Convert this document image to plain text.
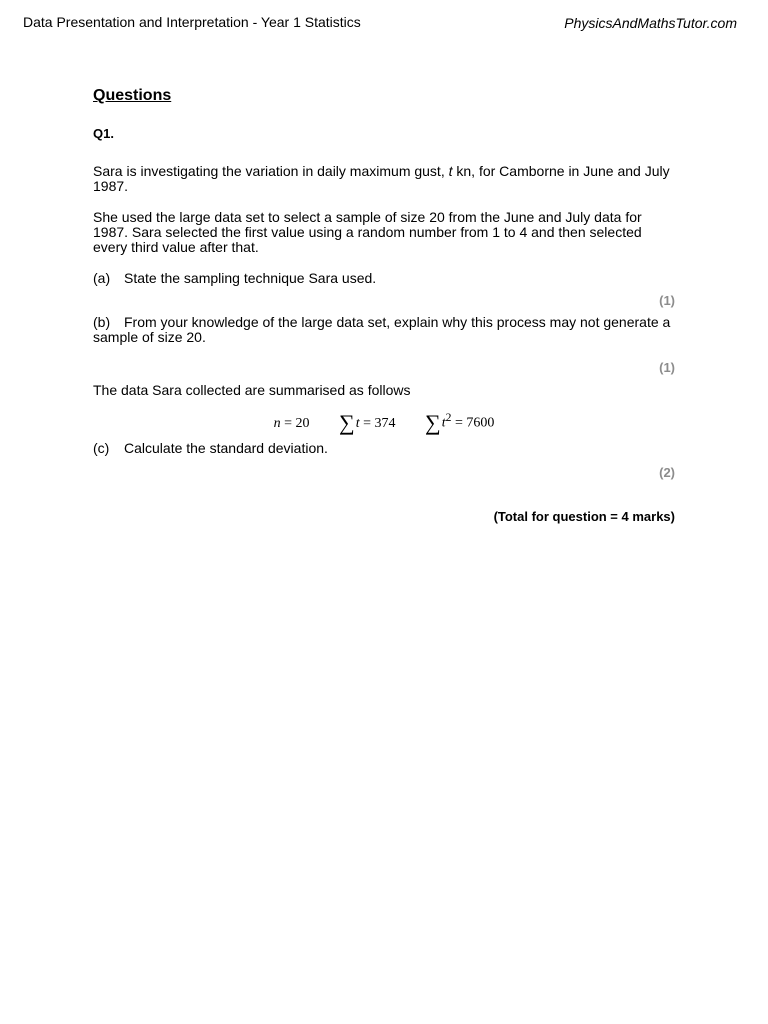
Data Presentation and Interpretation - Year 1 Statistics	PhysicsAndMathsTutor.com
Questions
Q1.

Sara is investigating the variation in daily maximum gust, t kn, for Camborne in June and July 1987.

She used the large data set to select a sample of size 20 from the June and July data for 1987. Sara selected the first value using a random number from 1 to 4 and then selected every third value after that.

(a) State the sampling technique Sara used.
(1)
(b) From your knowledge of the large data set, explain why this process may not generate a sample of size 20.
(1)

The data Sara collected are summarised as follows

n = 20 ∑t = 374 $\sum t^2 = 7600$
(c) Calculate the standard deviation.
(2)
(Total for question = 4 marks)
